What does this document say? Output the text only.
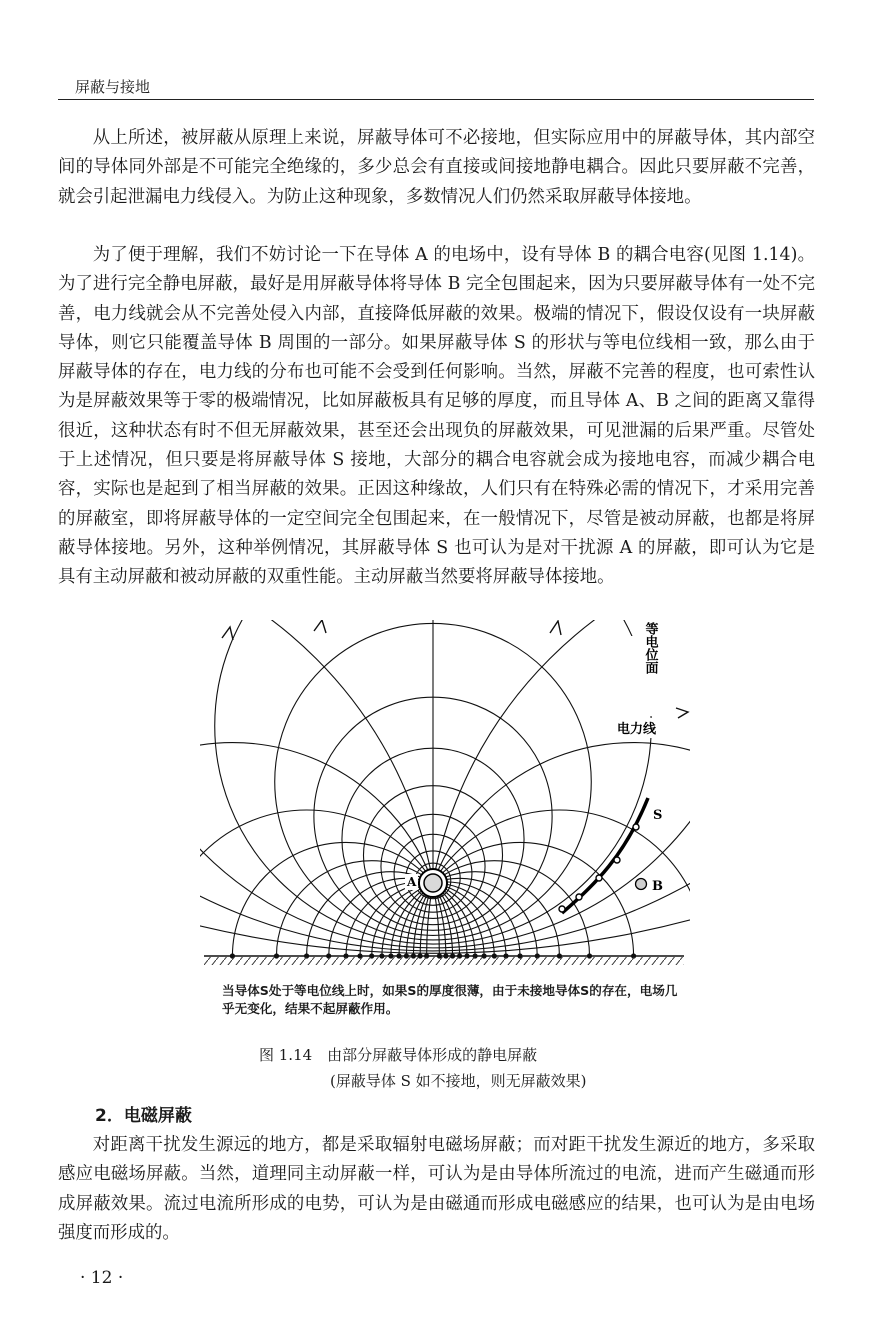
屏蔽与接地

从上所述，被屏蔽从原理上来说，屏蔽导体可不必接地，但实际应用中的屏蔽导体，其内部空间的导体同外部是不可能完全绝缘的，多少总会有直接或间接地静电耦合。因此只要屏蔽不完善，就会引起泄漏电力线侵入。为防止这种现象，多数情况人们仍然采取屏蔽导体接地。

为了便于理解，我们不妨讨论一下在导体 A 的电场中，设有导体 B 的耦合电容(见图 1.14)。为了进行完全静电屏蔽，最好是用屏蔽导体将导体 B 完全包围起来，因为只要屏蔽导体有一处不完善，电力线就会从不完善处侵入内部，直接降低屏蔽的效果。极端的情况下，假设仅设有一块屏蔽导体，则它只能覆盖导体 B 周围的一部分。如果屏蔽导体 S 的形状与等电位线相一致，那么由于屏蔽导体的存在，电力线的分布也可能不会受到任何影响。当然，屏蔽不完善的程度，也可索性认为是屏蔽效果等于零的极端情况，比如屏蔽板具有足够的厚度，而且导体 A、B 之间的距离又靠得很近，这种状态有时不但无屏蔽效果，甚至还会出现负的屏蔽效果，可见泄漏的后果严重。尽管处于上述情况，但只要是将屏蔽导体 S 接地，大部分的耦合电容就会成为接地电容，而减少耦合电容，实际也是起到了相当屏蔽的效果。正因这种缘故，人们只有在特殊必需的情况下，才采用完善的屏蔽室，即将屏蔽导体的一定空间完全包围起来，在一般情况下，尽管是被动屏蔽，也都是将屏蔽导体接地。另外，这种举例情况，其屏蔽导体 S 也可认为是对干扰源 A 的屏蔽，即可认为它是具有主动屏蔽和被动屏蔽的双重性能。主动屏蔽当然要将屏蔽导体接地。

等电位面
电力线
S
B
A

当导体S处于等电位线上时，如果S的厚度很薄，由于未接地导体S的存在，电场几乎无变化，结果不起屏蔽作用。

图 1.14　由部分屏蔽导体形成的静电屏蔽
(屏蔽导体 S 如不接地，则无屏蔽效果)
2．电磁屏蔽

对距离干扰发生源远的地方，都是采取辐射电磁场屏蔽；而对距干扰发生源近的地方，多采取感应电磁场屏蔽。当然，道理同主动屏蔽一样，可认为是由导体所流过的电流，进而产生磁通而形成屏蔽效果。流过电流所形成的电势，可认为是由磁通而形成电磁感应的结果，也可认为是由电场强度而形成的。

· 12 ·
